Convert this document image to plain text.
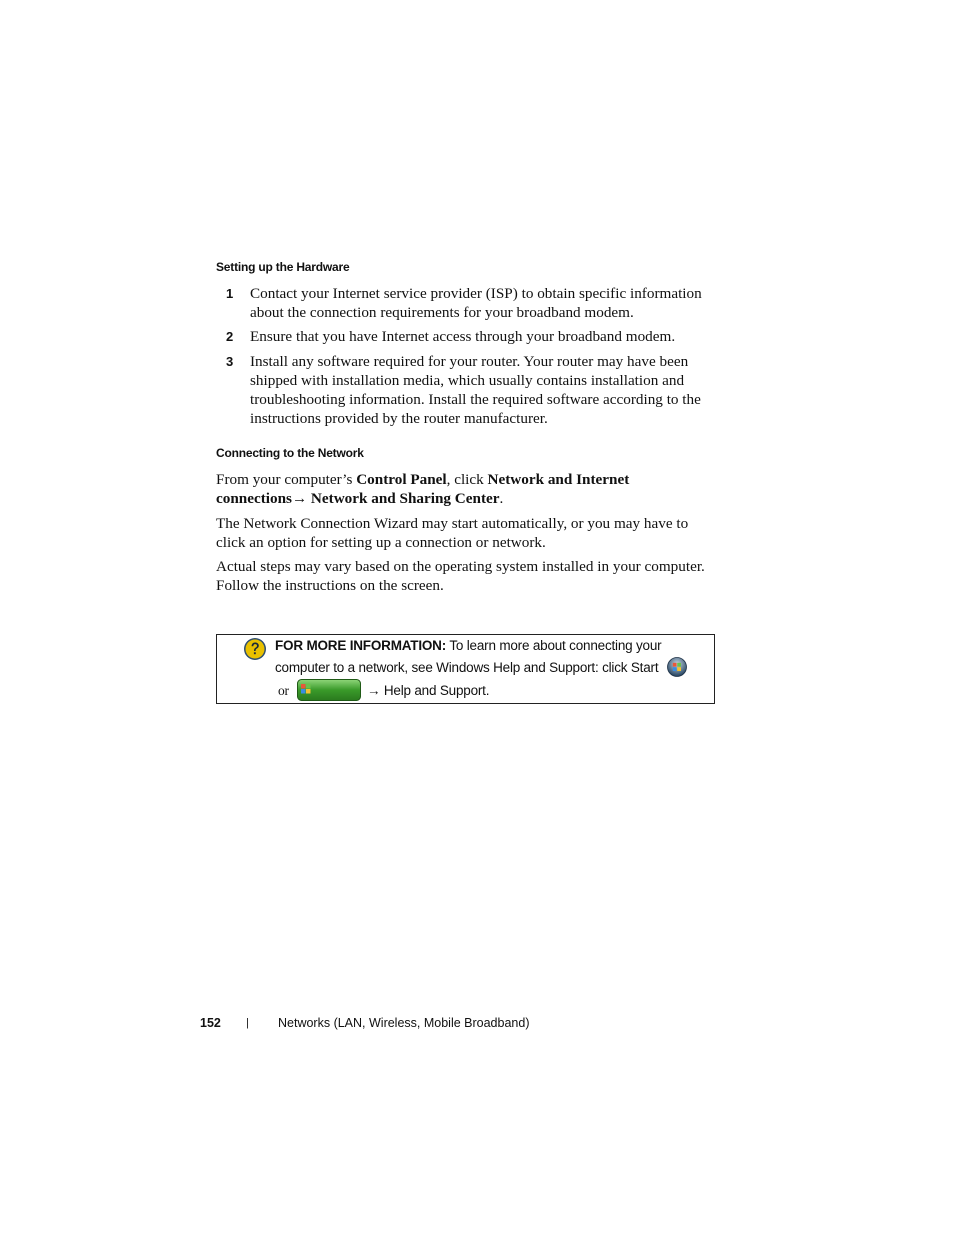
Setting up the Hardware
1 Contact your Internet service provider (ISP) to obtain specific information about the connection requirements for your broadband modem.
2 Ensure that you have Internet access through your broadband modem.
3 Install any software required for your router. Your router may have been shipped with installation media, which usually contains installation and troubleshooting information. Install the required software according to the instructions provided by the router manufacturer.
Connecting to the Network
From your computer’s Control Panel, click Network and Internet connections→ Network and Sharing Center.
The Network Connection Wizard may start automatically, or you may have to click an option for setting up a connection or network.
Actual steps may vary based on the operating system installed in your computer. Follow the instructions on the screen.
FOR MORE INFORMATION: To learn more about connecting your computer to a network, see Windows Help and Support: click Start  or	→ Help and Support.
152 | Networks (LAN, Wireless, Mobile Broadband)
